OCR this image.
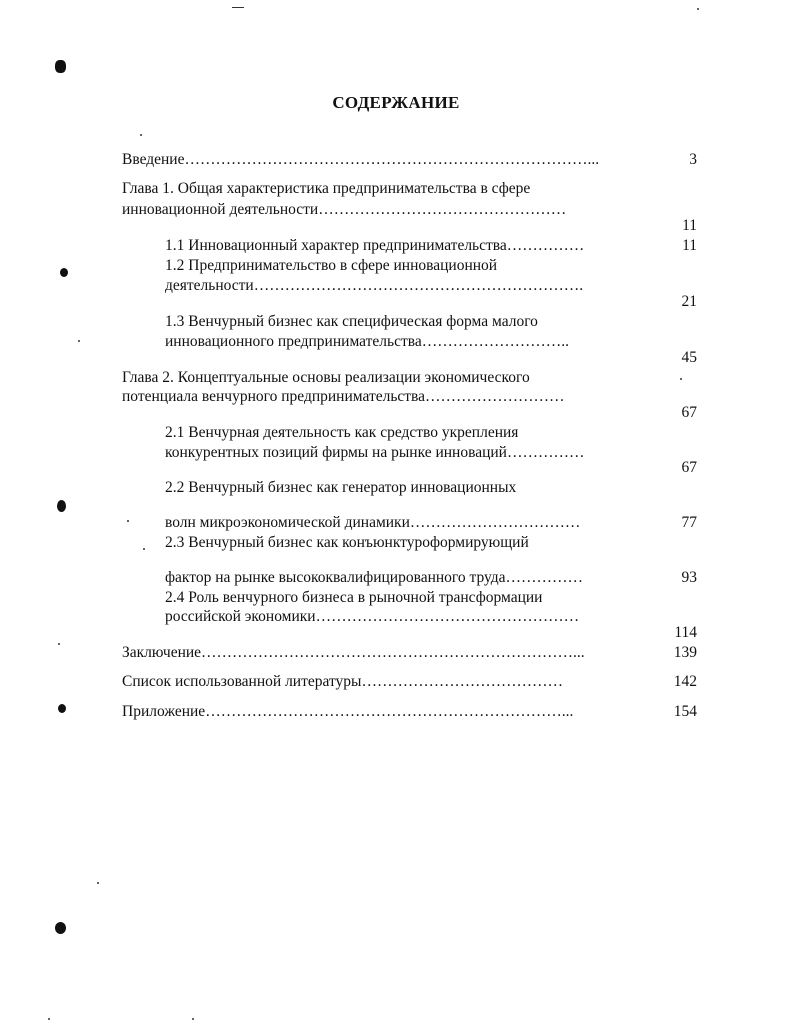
СОДЕРЖАНИЕ
Введение……………………………………………………………………...	3
Глава 1. Общая характеристика предпринимательства в сфере
инновационной деятельности…………………………………………
11
1.1 Инновационный характер предпринимательства……………	11
1.2 Предпринимательство в сфере инновационной
деятельности……………………………………………………….
21
1.3 Венчурный бизнес как специфическая форма малого
инновационного предпринимательства………………………..
45
Глава 2. Концептуальные основы реализации экономического
потенциала венчурного предпринимательства………………………
67
2.1 Венчурная деятельность как средство укрепления
конкурентных позиций фирмы на рынке инноваций……………
67
2.2 Венчурный бизнес как генератор инновационных
волн микроэкономической динамики……………………………	77
2.3 Венчурный бизнес как конъюнктуроформирующий
фактор на рынке высококвалифицированного труда……………	93
2.4 Роль венчурного бизнеса в рыночной трансформации
российской экономики……………………………………………
114
Заключение………………………………………………………………...	139
Список использованной литературы…………………………………	142
Приложение……………………………………………………………...	154
